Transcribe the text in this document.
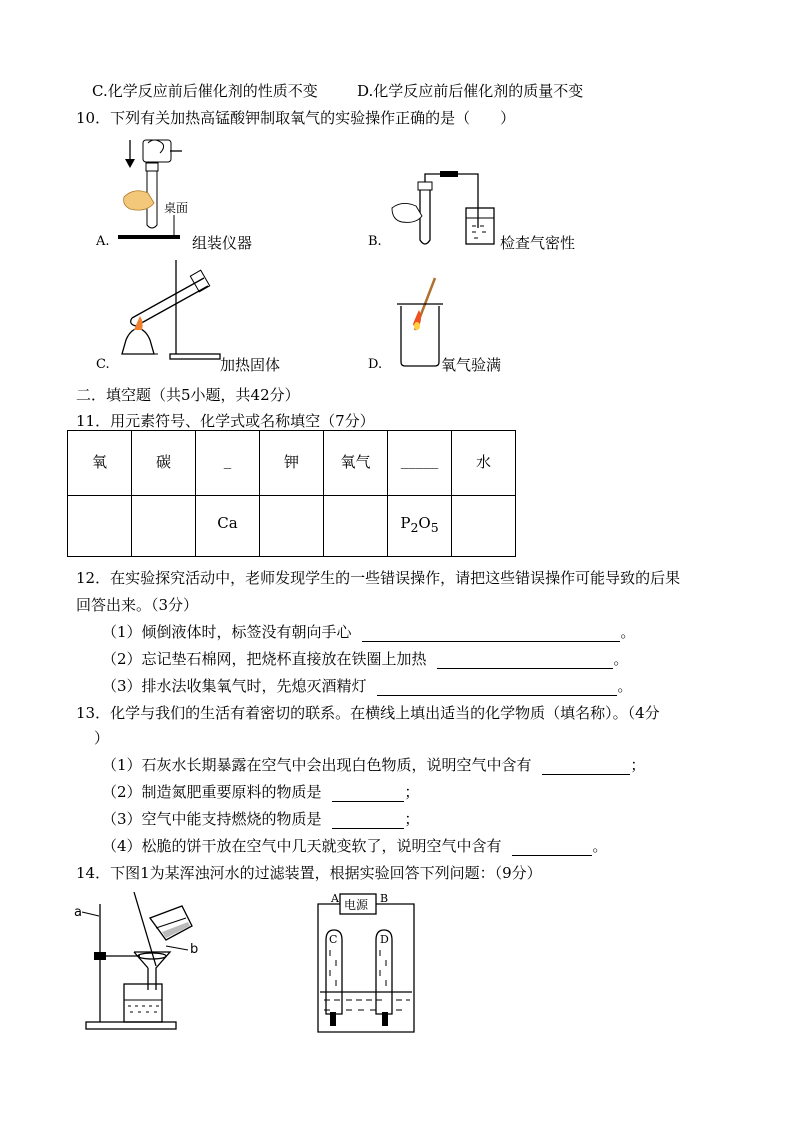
C.化学反应前后催化剂的性质不变	D.化学反应前后催化剂的质量不变
10．下列有关加热高锰酸钾制取氧气的实验操作正确的是（　　）
桌面
A.	组装仪器	B.	检查气密性
C.	加热固体	D.	氧气验满
二．填空题（共5小题，共42分）
11．用元素符号、化学式或名称填空（7分）
氧	碳	_	钾	氧气	_____	水
		Ca			$P_2O_5$	
12．在实验探究活动中，老师发现学生的一些错误操作，请把这些错误操作可能导致的后果
回答出来。（3分）
（1）倾倒液体时，标签没有朝向手心	。
（2）忘记垫石棉网，把烧杯直接放在铁圈上加热	。
（3）排水法收集氧气时，先熄灭酒精灯	。
13．化学与我们的生活有着密切的联系。在横线上填出适当的化学物质（填名称）。（4分
）
（1）石灰水长期暴露在空气中会出现白色物质，说明空气中含有	；
（2）制造氮肥重要原料的物质是	；
（3）空气中能支持燃烧的物质是	；
（4）松脆的饼干放在空气中几天就变软了，说明空气中含有	。
14．下图1为某浑浊河水的过滤装置，根据实验回答下列问题：（9分）
a
b
电源
A	B
C	D
